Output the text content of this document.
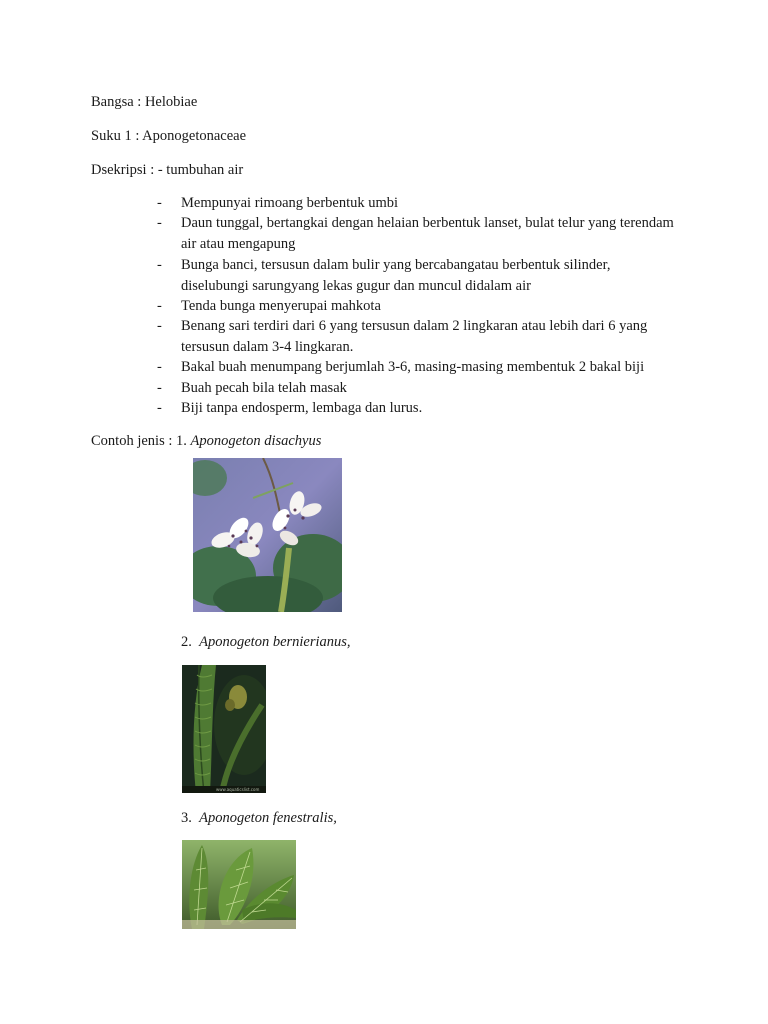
Bangsa : Helobiae
Suku 1 : Aponogetonaceae
Dsekripsi : - tumbuhan air
- Mempunyai rimoang berbentuk umbi
- Daun tunggal, bertangkai dengan helaian berbentuk lanset, bulat telur yang terendam air atau mengapung
- Bunga banci, tersusun dalam bulir yang bercabangatau berbentuk silinder, diselubungi sarungyang lekas gugur dan muncul didalam air
- Tenda bunga menyerupai mahkota
- Benang sari terdiri dari 6 yang tersusun dalam 2 lingkaran atau lebih dari 6 yang tersusun dalam 3-4 lingkaran.
- Bakal buah menumpang berjumlah 3-6, masing-masing membentuk 2 bakal biji
- Buah pecah bila telah masak
- Biji tanpa endosperm, lembaga dan lurus.
Contoh jenis : 1. Aponogeton disachyus
2. Aponogeton bernierianus,
www.aquaticslist.com
3. Aponogeton fenestralis,
